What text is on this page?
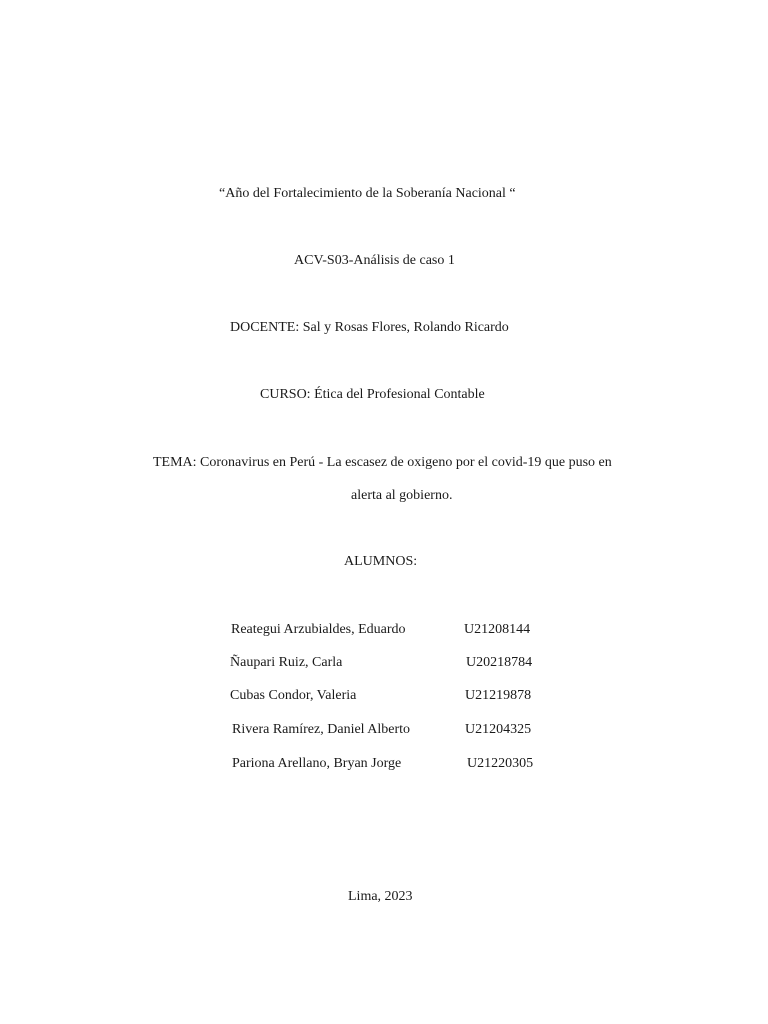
“Año del Fortalecimiento de la Soberanía Nacional “
ACV-S03-Análisis de caso 1
DOCENTE: Sal y Rosas Flores, Rolando Ricardo
CURSO: Ética del Profesional Contable
TEMA: Coronavirus en Perú - La escasez de oxigeno por el covid-19 que puso en
alerta al gobierno.
ALUMNOS:
Reategui Arzubialdes, Eduardo	U21208144
Ñaupari Ruiz, Carla	U20218784
Cubas Condor, Valeria	U21219878
Rivera Ramírez, Daniel Alberto	U21204325
Pariona Arellano, Bryan Jorge	U21220305
Lima, 2023
